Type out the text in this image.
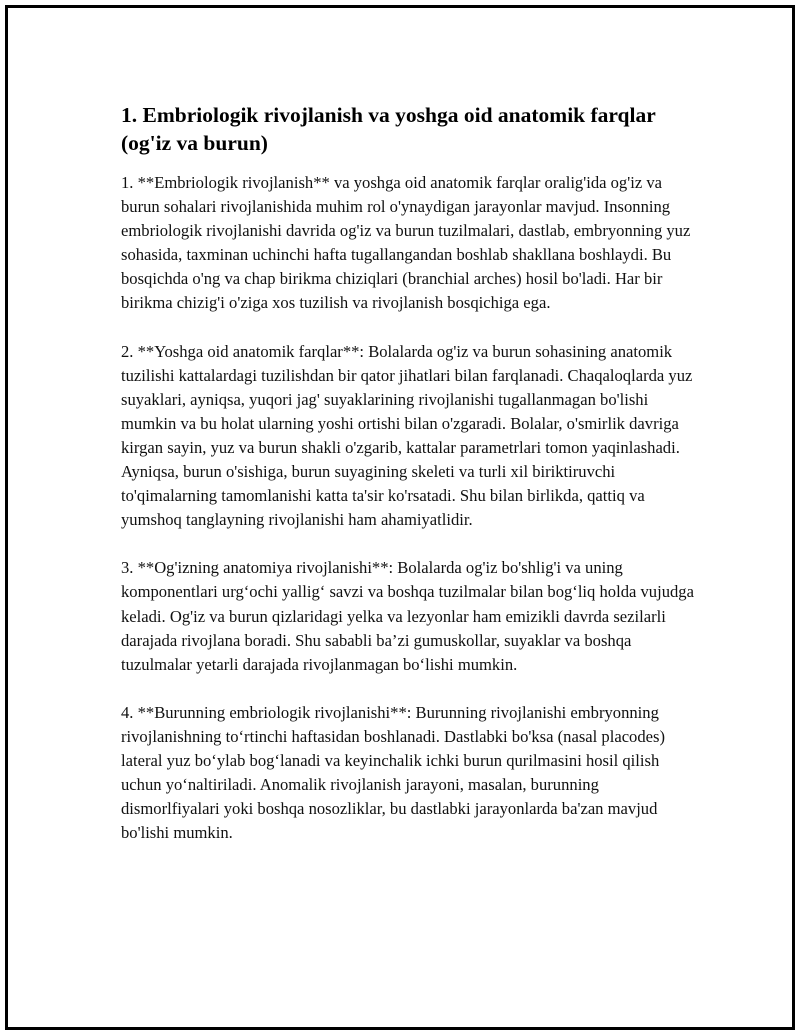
1. Embriologik rivojlanish va yoshga oid anatomik farqlar (og'iz va burun)

1. **Embriologik rivojlanish** va yoshga oid anatomik farqlar oralig'ida og'iz va burun sohalari rivojlanishida muhim rol o'ynaydigan jarayonlar mavjud. Insonning embriologik rivojlanishi davrida og'iz va burun tuzilmalari, dastlab, embryonning yuz sohasida, taxminan uchinchi hafta tugallangandan boshlab shakllana boshlaydi. Bu bosqichda o'ng va chap birikma chiziqlari (branchial arches) hosil bo'ladi. Har bir birikma chizig'i o'ziga xos tuzilish va rivojlanish bosqichiga ega.

2. **Yoshga oid anatomik farqlar**: Bolalarda og'iz va burun sohasining anatomik tuzilishi kattalardagi tuzilishdan bir qator jihatlari bilan farqlanadi. Chaqaloqlarda yuz suyaklari, ayniqsa, yuqori jag' suyaklarining rivojlanishi tugallanmagan bo'lishi mumkin va bu holat ularning yoshi ortishi bilan o'zgaradi. Bolalar, o'smirlik davriga kirgan sayin, yuz va burun shakli o'zgarib, kattalar parametrlari tomon yaqinlashadi. Ayniqsa, burun o'sishiga, burun suyagining skeleti va turli xil biriktiruvchi to'qimalarning tamomlanishi katta ta'sir ko'rsatadi. Shu bilan birlikda, qattiq va yumshoq tanglayning rivojlanishi ham ahamiyatlidir.

3. **Og'izning anatomiya rivojlanishi**: Bolalarda og'iz bo'shlig'i va uning komponentlari urg‘ochi yallig‘ savzi va boshqa tuzilmalar bilan bog‘liq holda vujudga keladi. Og'iz va burun qizlaridagi yelka va lezyonlar ham emizikli davrda sezilarli darajada rivojlana boradi. Shu sababli ba’zi gumuskollar, suyaklar va boshqa tuzulmalar yetarli darajada rivojlanmagan bo‘lishi mumkin.

4. **Burunning embriologik rivojlanishi**: Burunning rivojlanishi embryonning rivojlanishning to‘rtinchi haftasidan boshlanadi. Dastlabki bo'ksa (nasal placodes) lateral yuz bo‘ylab bog‘lanadi va keyinchalik ichki burun qurilmasini hosil qilish uchun yo‘naltiriladi. Anomalik rivojlanish jarayoni, masalan, burunning dismorlfiyalari yoki boshqa nosozliklar, bu dastlabki jarayonlarda ba'zan mavjud bo'lishi mumkin.
